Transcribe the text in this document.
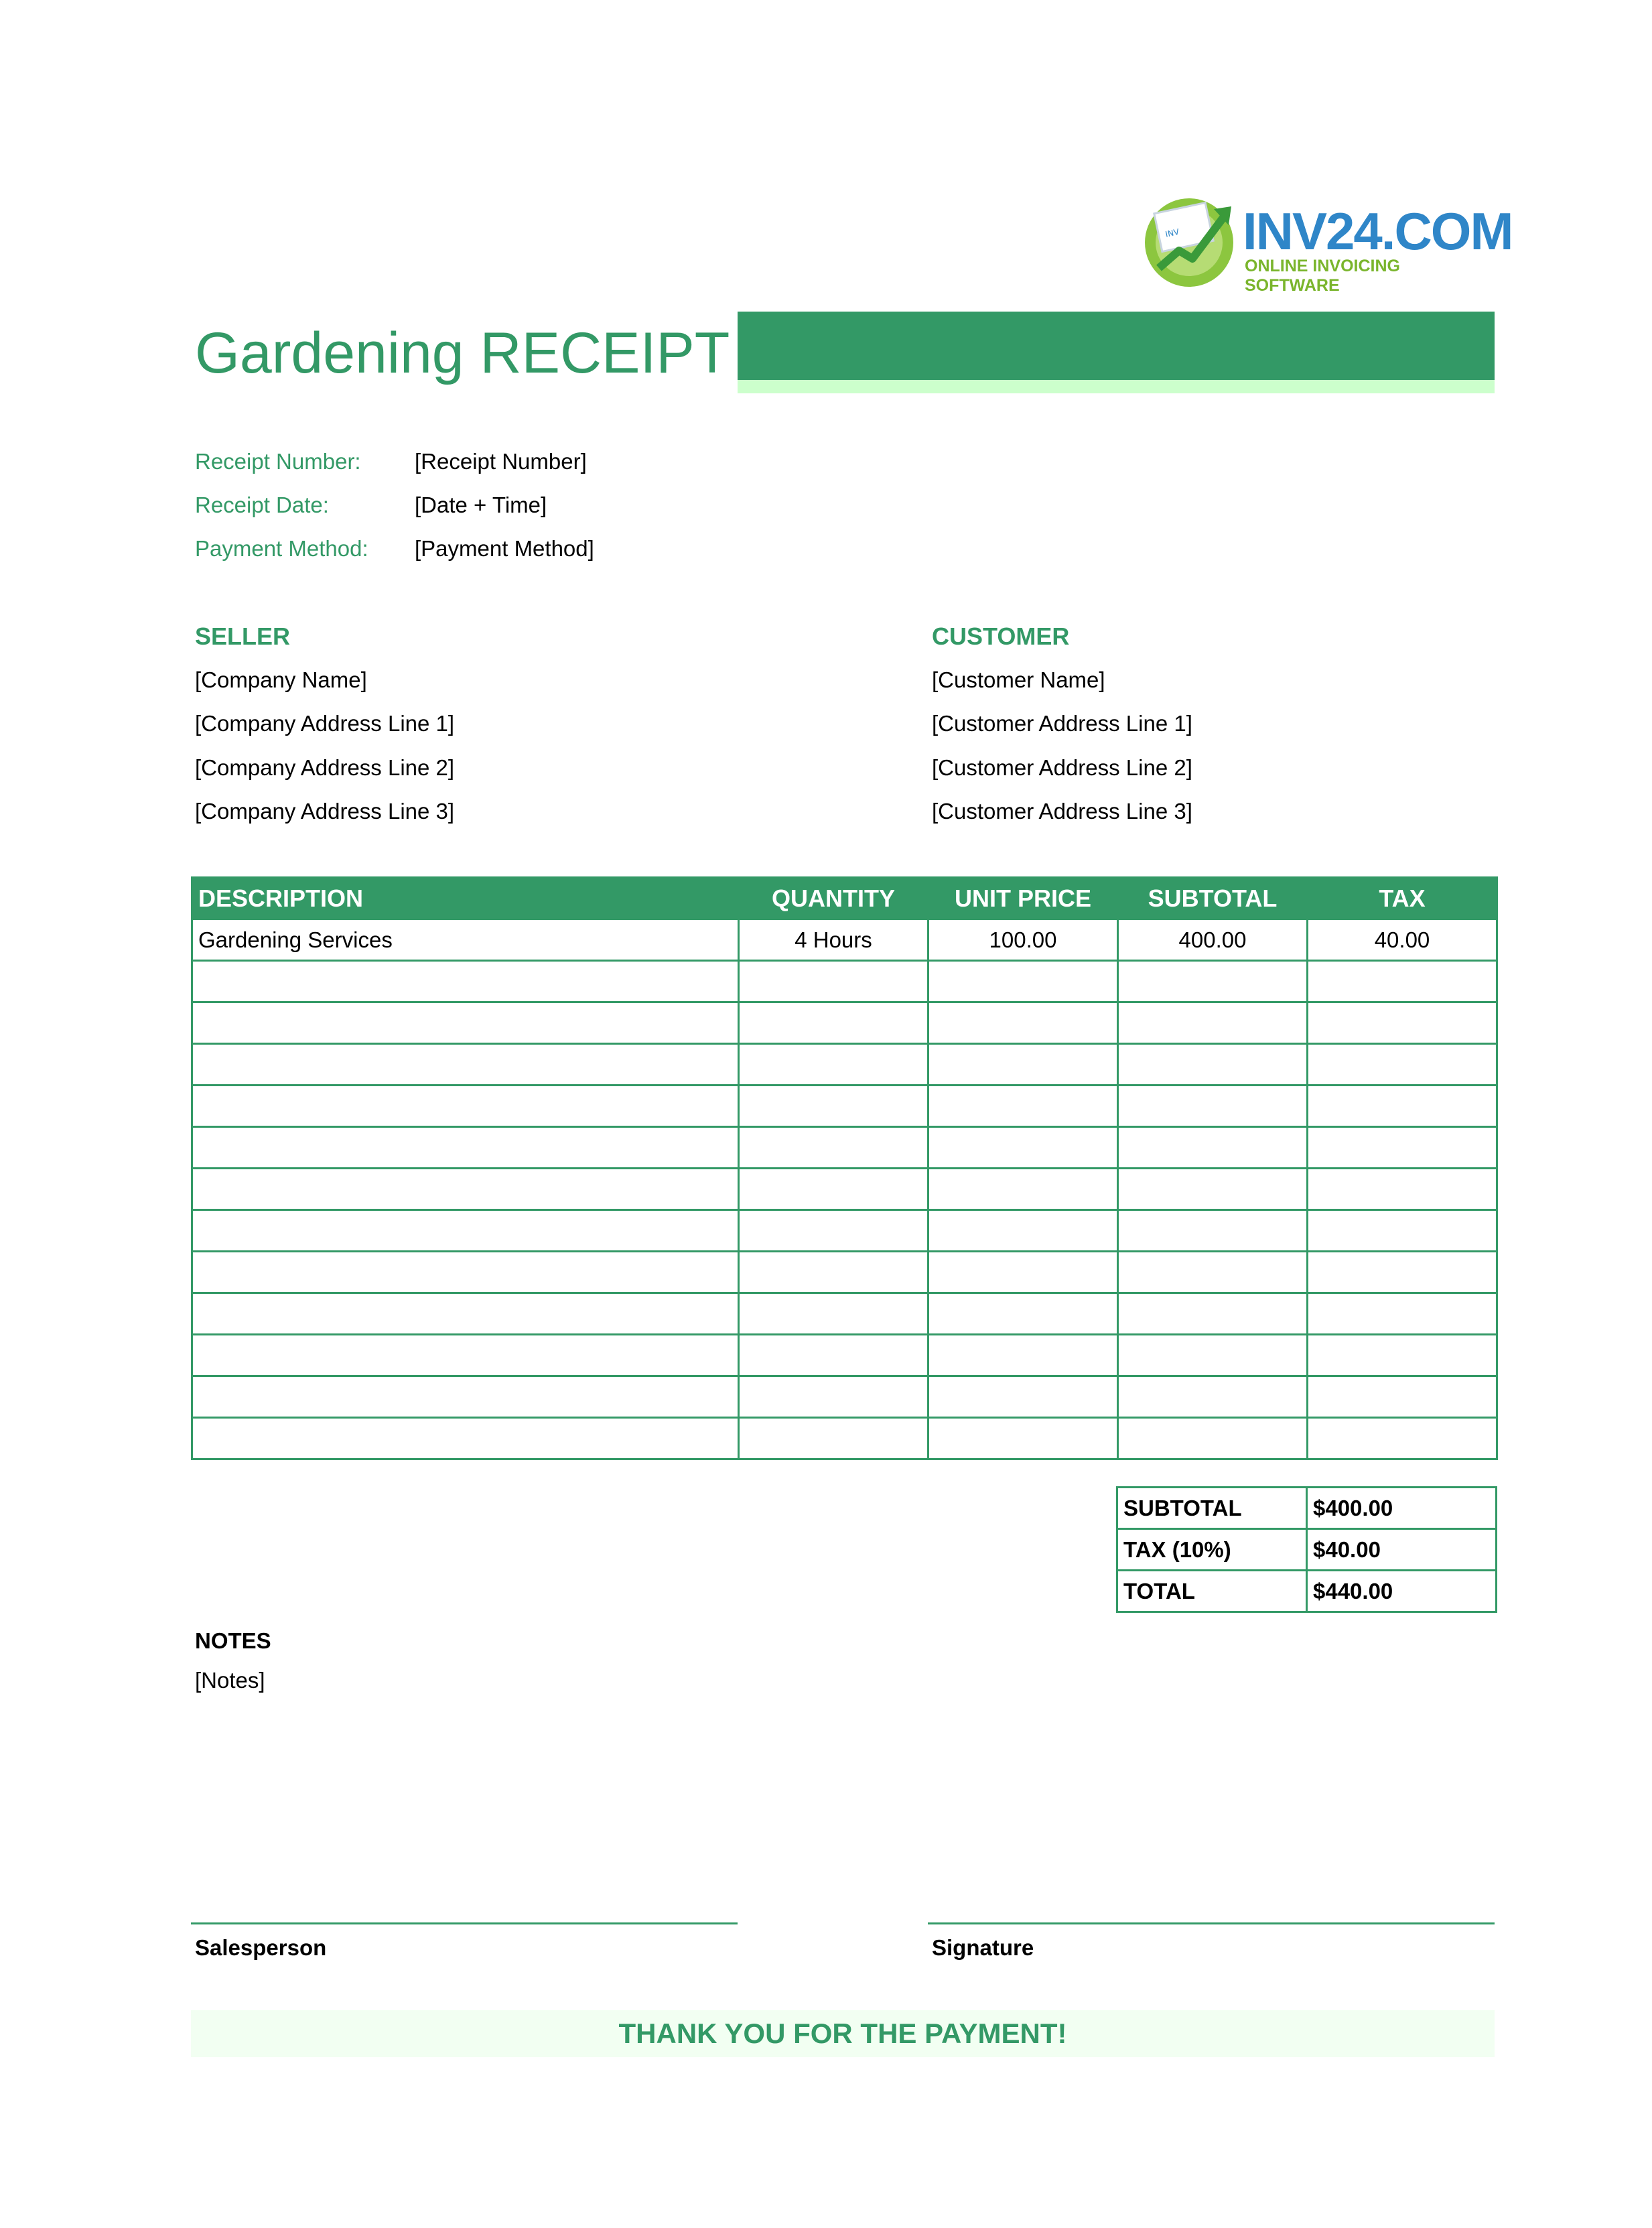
INV INV24.COM
ONLINE INVOICING SOFTWARE
Gardening RECEIPT
Receipt Number: [Receipt Number]
Receipt Date:	[Date + Time]
Payment Method: [Payment Method]
SELLER
[Company Name]
[Company Address Line 1]
[Company Address Line 2]
[Company Address Line 3]
CUSTOMER
[Customer Name]
[Customer Address Line 1]
[Customer Address Line 2]
[Customer Address Line 3]
DESCRIPTION	QUANTITY	UNIT PRICE	SUBTOTAL	TAX
Gardening Services	4 Hours	100.00	400.00	40.00

SUBTOTAL	$400.00
TAX (10%)	$40.00
TOTAL	$440.00
NOTES
[Notes]
Salesperson	Signature
THANK YOU FOR THE PAYMENT!
